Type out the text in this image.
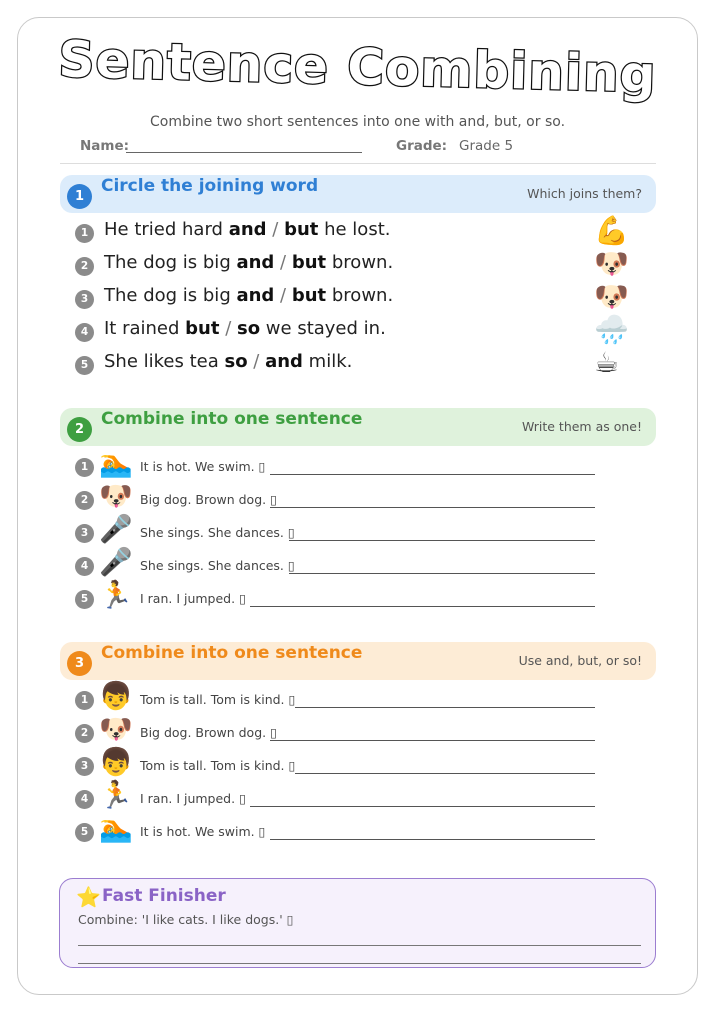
Sentence Combining
Combine two short sentences into one with and, but, or so.
Name:	Grade: Grade 5
1
Circle the joining word	Which joins them?
1 He tried hard and / but he lost.	💪
2 The dog is big and / but brown.	🐶
3 The dog is big and / but brown.	🐶
4 It rained but / so we stayed in.	🌧️
5 She likes tea so / and milk.	☕
2
Combine into one sentence	Write them as one!
1 🏊 It is hot. We swim. ▯
2 🐶 Big dog. Brown dog. ▯
3 🎤 She sings. She dances. ▯
4 🎤 She sings. She dances. ▯
5 🏃 I ran. I jumped. ▯
3
Combine into one sentence	Use and, but, or so!
1 👦 Tom is tall. Tom is kind. ▯
2 🐶 Big dog. Brown dog. ▯
3 👦 Tom is tall. Tom is kind. ▯
4 🏃 I ran. I jumped. ▯
5 🏊 It is hot. We swim. ▯
⭐ Fast Finisher
Combine: 'I like cats. I like dogs.' ▯
